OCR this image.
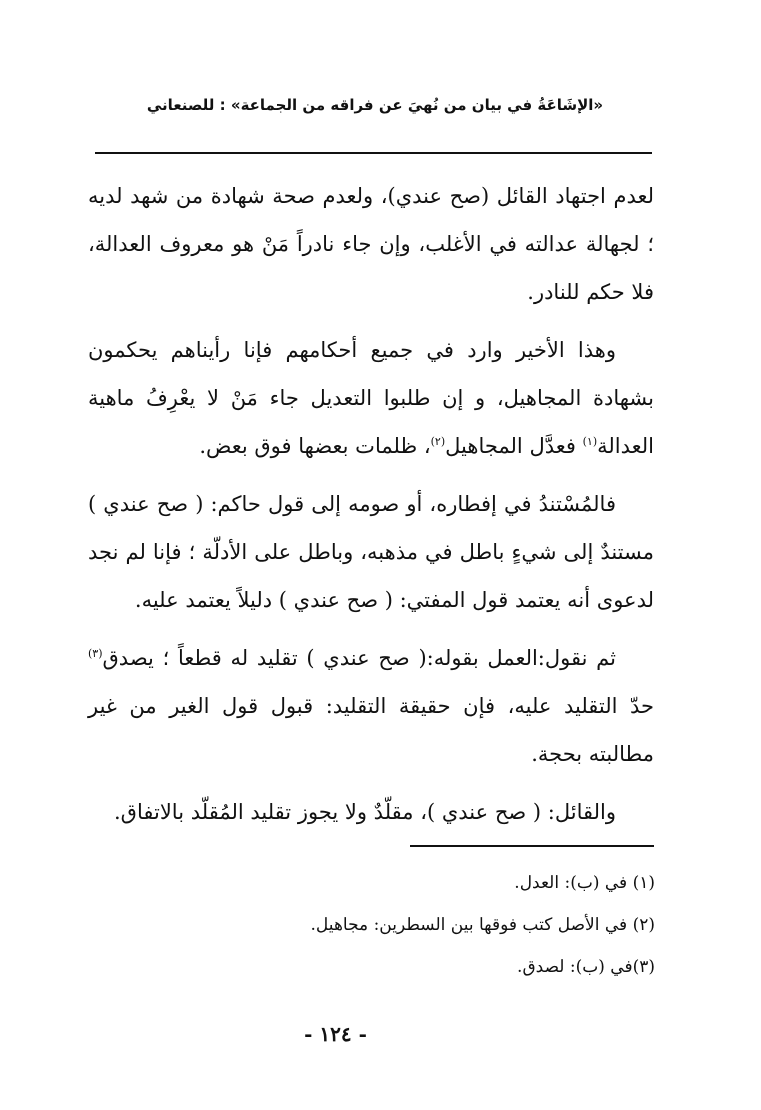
«الإشَاعَةُ في بيان من نُهيَ عن فراقه من الجماعة» : للصنعاني

لعدم اجتهاد القائل (صح عندي)، ولعدم صحة شهادة من شهد لديه ؛ لجهالة عدالته في الأغلب، وإن جاء نادراً مَنْ هو معروف العدالة، فلا حكم للنادر.

وهذا الأخير وارد في جميع أحكامهم فإنا رأيناهم يحكمون بشهادة المجاهيل، و إن طلبوا التعديل جاء مَنْ لا يعْرِفُ ماهية العدالة$^{(١)}$ فعدَّل المجاهيل$^{(٢)}$، ظلمات بعضها فوق بعض.

فالمُسْتندُ في إفطاره، أو صومه إلى قول حاكم: ( صح عندي ) مستندٌ إلى شيءٍ باطل في مذهبه، وباطل على الأدلّة ؛ فإنا لم نجد لدعوى أنه يعتمد قول المفتي: ( صح عندي ) دليلاً يعتمد عليه.

ثم نقول:العمل بقوله:( صح عندي ) تقليد له قطعاً ؛ يصدق$^{(٣)}$ حدّ التقليد عليه، فإن حقيقة التقليد: قبول قول الغير من غير مطالبته بحجة.

والقائل: ( صح عندي )، مقلّدٌ ولا يجوز تقليد المُقلّد بالاتفاق.

(١) في (ب): العدل.

(٢) في الأصل كتب فوقها بين السطرين: مجاهيل.

(٣)في (ب): لصدق.

- ١٢٤ -
